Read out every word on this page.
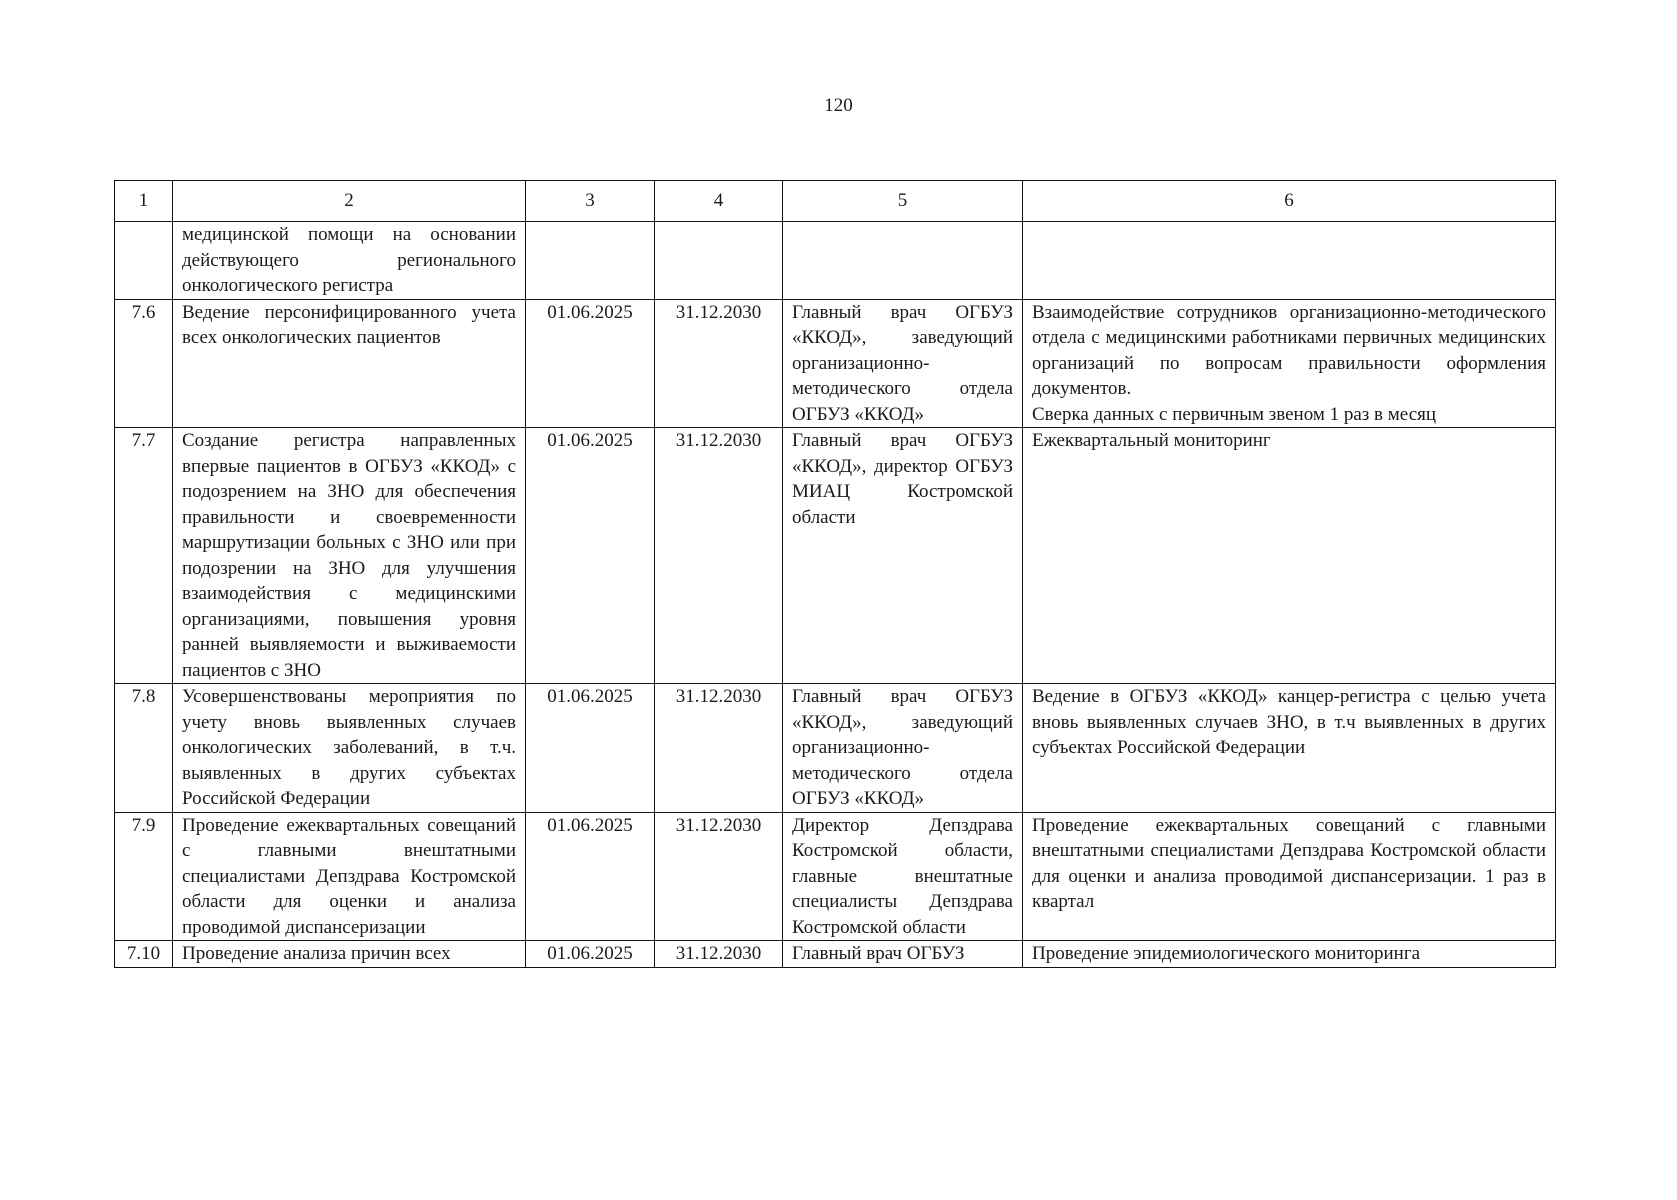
120
1	2	3	4	5	6
	медицинской помощи на основании действующего регионального онкологического регистра				
7.6	Ведение персонифицированного учета всех онкологических пациентов	01.06.2025	31.12.2030	Главный врач ОГБУЗ «ККОД», заведующий организационно-методического отдела ОГБУЗ «ККОД»	Взаимодействие сотрудников организационно-методического отдела с медицинскими работниками первичных медицинских организаций по вопросам правильности оформления документов.
Сверка данных с первичным звеном 1 раз в месяц
7.7	Создание регистра направленных впервые пациентов в ОГБУЗ «ККОД» с подозрением на ЗНО для обеспечения правильности и своевременности маршрутизации больных с ЗНО или при подозрении на ЗНО для улучшения взаимодействия с медицинскими организациями, повышения уровня ранней выявляемости и выживаемости пациентов с ЗНО	01.06.2025	31.12.2030	Главный врач ОГБУЗ «ККОД», директор ОГБУЗ МИАЦ Костромской области	Ежеквартальный мониторинг
7.8	Усовершенствованы мероприятия по учету вновь выявленных случаев онкологических заболеваний, в т.ч. выявленных в других субъектах Российской Федерации	01.06.2025	31.12.2030	Главный врач ОГБУЗ «ККОД», заведующий организационно-методического отдела ОГБУЗ «ККОД»	Ведение в ОГБУЗ «ККОД» канцер-регистра с целью учета вновь выявленных случаев ЗНО, в т.ч выявленных в других субъектах Российской Федерации
7.9	Проведение ежеквартальных совещаний с главными внештатными специалистами Депздрава Костромской области для оценки и анализа проводимой диспансеризации	01.06.2025	31.12.2030	Директор Депздрава Костромской области, главные внештатные специалисты Депздрава Костромской области	Проведение ежеквартальных совещаний с главными внештатными специалистами Депздрава Костромской области для оценки и анализа проводимой диспансеризации. 1 раз в квартал
7.10	Проведение анализа причин всех	01.06.2025	31.12.2030	Главный врач ОГБУЗ	Проведение эпидемиологического мониторинга
